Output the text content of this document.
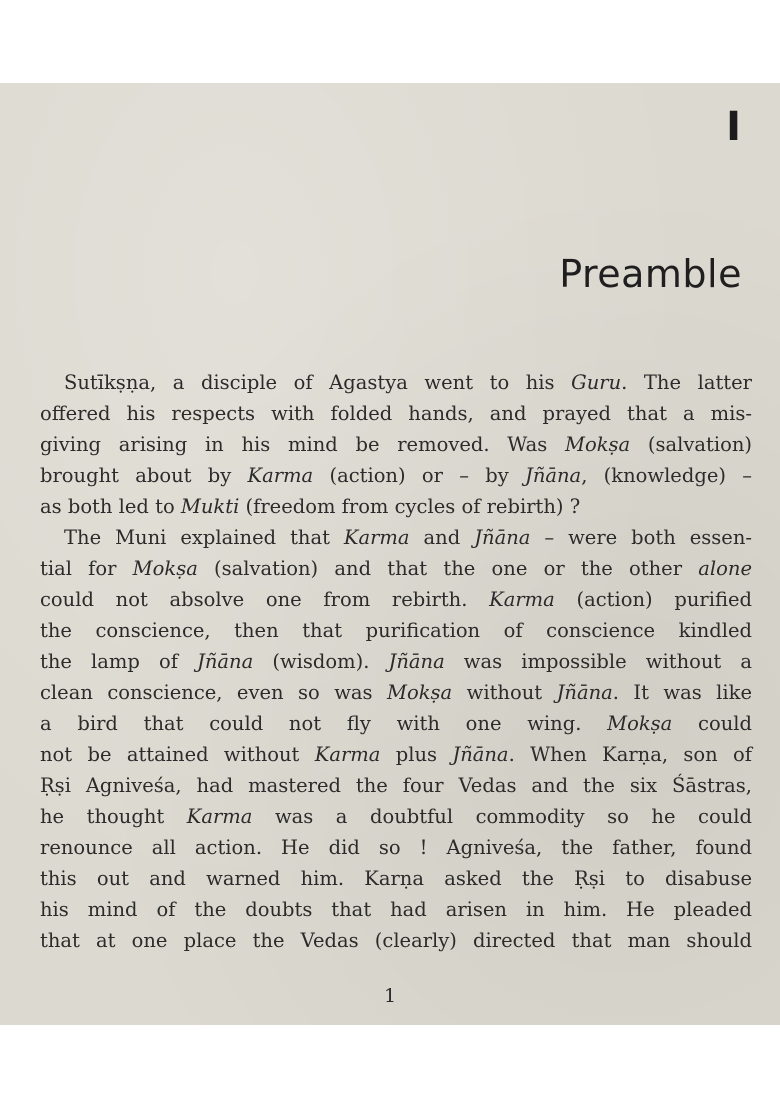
I
Preamble
Sutīkṣṇa, a disciple of Agastya went to his Guru. The latter
offered his respects with folded hands, and prayed that a mis-
giving arising in his mind be removed. Was Mokṣa (salvation)
brought about by Karma (action) or – by Jñāna, (knowledge) –
as both led to Mukti (freedom from cycles of rebirth) ?
The Muni explained that Karma and Jñāna – were both essen-
tial for Mokṣa (salvation) and that the one or the other alone
could not absolve one from rebirth. Karma (action) purified
the conscience, then that purification of conscience kindled
the lamp of Jñāna (wisdom). Jñāna was impossible without a
clean conscience, even so was Mokṣa without Jñāna. It was like
a bird that could not fly with one wing. Mokṣa could
not be attained without Karma plus Jñāna. When Karṇa, son of
Ṛṣi Agniveśa, had mastered the four Vedas and the six Śāstras,
he thought Karma was a doubtful commodity so he could
renounce all action. He did so ! Agniveśa, the father, found
this out and warned him. Karṇa asked the Ṛṣi to disabuse
his mind of the doubts that had arisen in him. He pleaded
that at one place the Vedas (clearly) directed that man should
1
